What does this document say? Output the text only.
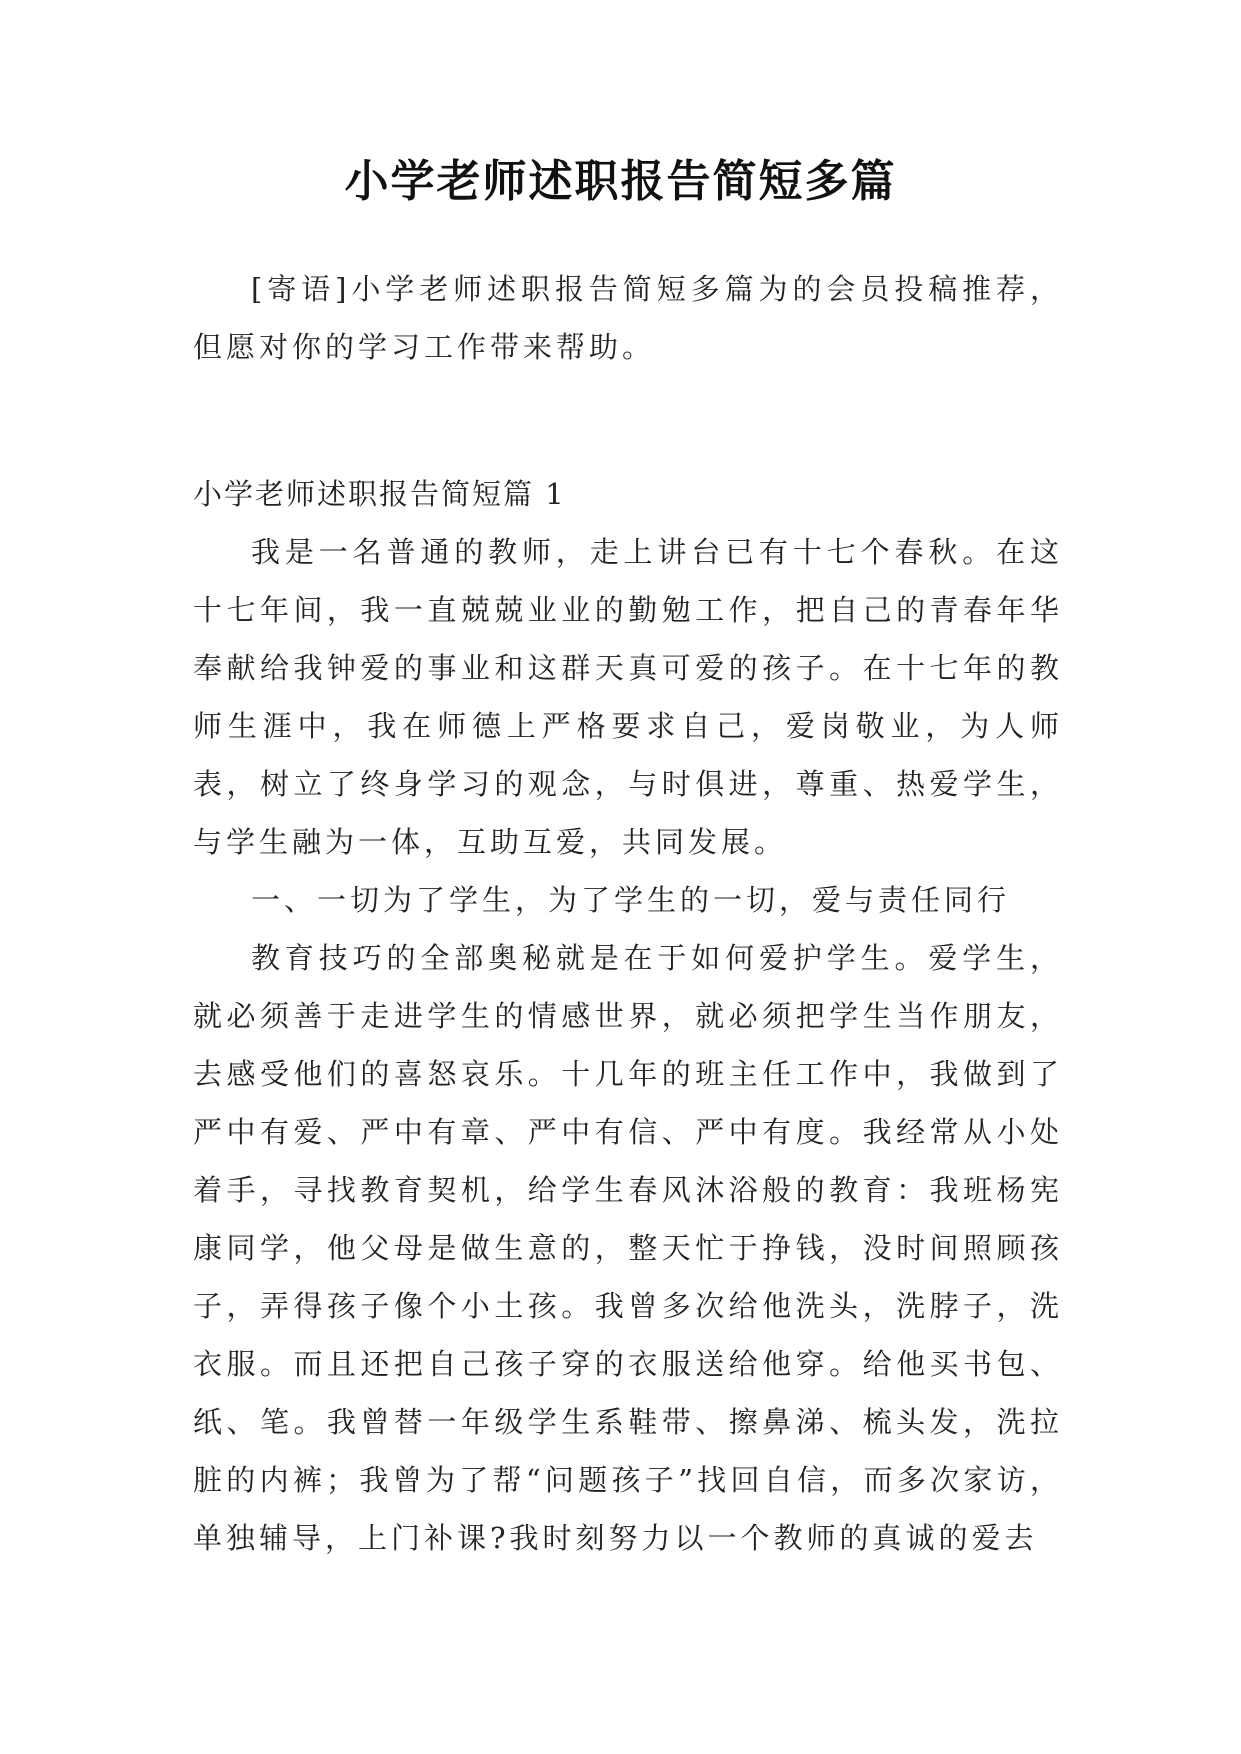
小学老师述职报告简短多篇
[寄语]小学老师述职报告简短多篇为的会员投稿推荐，但愿对你的学习工作带来帮助。
小学老师述职报告简短篇 1

我是一名普通的教师，走上讲台已有十七个春秋。在这十七年间，我一直兢兢业业的勤勉工作，把自己的青春年华奉献给我钟爱的事业和这群天真可爱的孩子。在十七年的教师生涯中，我在师德上严格要求自己，爱岗敬业，为人师表，树立了终身学习的观念，与时俱进，尊重、热爱学生，与学生融为一体，互助互爱，共同发展。

一、一切为了学生，为了学生的一切，爱与责任同行

教育技巧的全部奥秘就是在于如何爱护学生。爱学生，就必须善于走进学生的情感世界，就必须把学生当作朋友，去感受他们的喜怒哀乐。十几年的班主任工作中，我做到了严中有爱、严中有章、严中有信、严中有度。我经常从小处着手，寻找教育契机，给学生春风沐浴般的教育：我班杨宪康同学，他父母是做生意的，整天忙于挣钱，没时间照顾孩子，弄得孩子像个小土孩。我曾多次给他洗头，洗脖子，洗衣服。而且还把自己孩子穿的衣服送给他穿。给他买书包、纸、笔。我曾替一年级学生系鞋带、擦鼻涕、梳头发，洗拉脏的内裤；我曾为了帮“问题孩子”找回自信，而多次家访，单独辅导，上门补课?我时刻努力以一个教师的真诚的爱去
